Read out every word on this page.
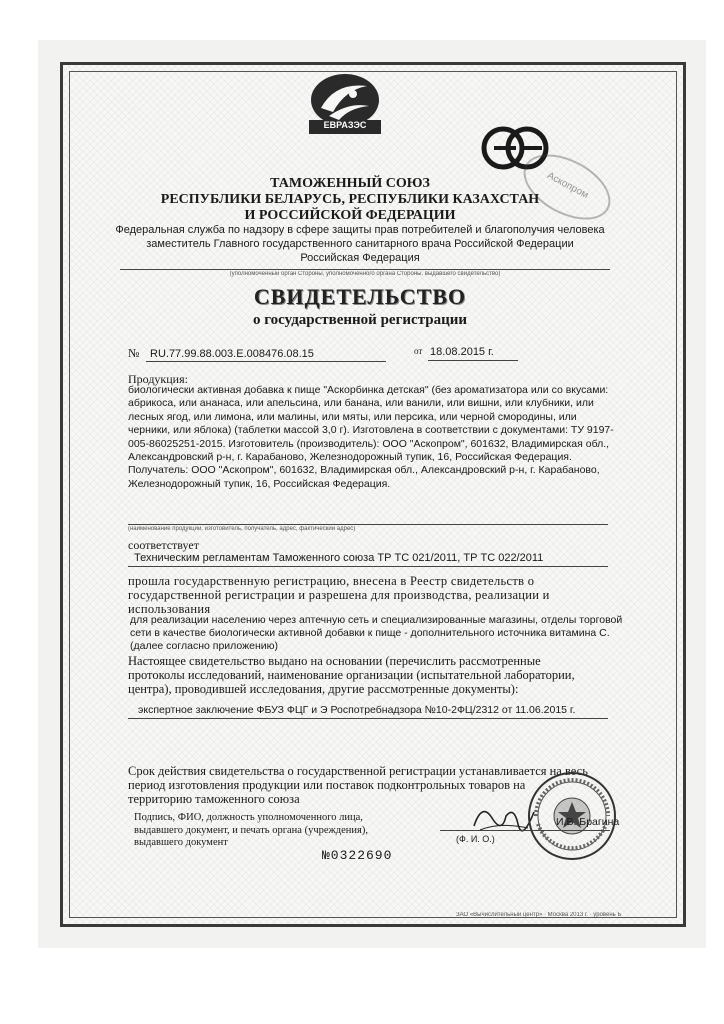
ЕВРАЗЭС
Аскопром
ТАМОЖЕННЫЙ СОЮЗ
РЕСПУБЛИКИ БЕЛАРУСЬ, РЕСПУБЛИКИ КАЗАХСТАН
И РОССИЙСКОЙ ФЕДЕРАЦИИ
Федеральная служба по надзору в сфере защиты прав потребителей и благополучия человека
заместитель Главного государственного санитарного врача Российской Федерации
Российская Федерация
(уполномоченный орган Стороны, уполномоченного органа Стороны, выдавшего свидетельство)
СВИДЕТЕЛЬСТВО
о государственной регистрации
№ RU.77.99.88.003.E.008476.08.15	от 18.08.2015 г.
Продукция:
биологически активная добавка к пище "Аскорбинка детская" (без ароматизатора или со вкусами:
абрикоса, или ананаса, или апельсина, или банана, или ванили, или вишни, или клубники, или
лесных ягод, или лимона, или малины, или мяты, или персика, или черной смородины, или
черники, или яблока) (таблетки массой 3,0 г). Изготовлена в соответствии с документами: ТУ 9197-
005-86025251-2015. Изготовитель (производитель): ООО "Аскопром", 601632, Владимирская обл.,
Александровский р-н, г. Карабаново, Железнодорожный тупик, 16, Российская Федерация.
Получатель: ООО "Аскопром", 601632, Владимирская обл., Александровский р-н, г. Карабаново,
Железнодорожный тупик, 16, Российская Федерация.
(наименование продукции, изготовитель, получатель, адрес, фактический адрес)
соответствует
Техническим регламентам Таможенного союза ТР ТС 021/2011, ТР ТС 022/2011
прошла государственную регистрацию, внесена в Реестр свидетельств о
государственной регистрации и разрешена для производства, реализации и
использования
для реализации населению через аптечную сеть и специализированные магазины, отделы торговой
сети в качестве биологически активной добавки к пище - дополнительного источника витамина С.
(далее согласно приложению)
Настоящее свидетельство выдано на основании (перечислить рассмотренные
протоколы исследований, наименование организации (испытательной лаборатории,
центра), проводившей исследования, другие рассмотренные документы):
экспертное заключение ФБУЗ ФЦГ и Э Роспотребнадзора №10-2ФЦ/2312 от 11.06.2015 г.
Срок действия свидетельства о государственной регистрации устанавливается на весь
период изготовления продукции или поставок подконтрольных товаров на
территорию таможенного союза
Подпись, ФИО, должность уполномоченного лица,
выдавшего документ, и печать органа (учреждения),
выдавшего документ
И.В. Брагина
(Ф. И. О.)
№0322690
ЗАО «Вычислительный центр» · Москва 2013 г. · уровень Б
